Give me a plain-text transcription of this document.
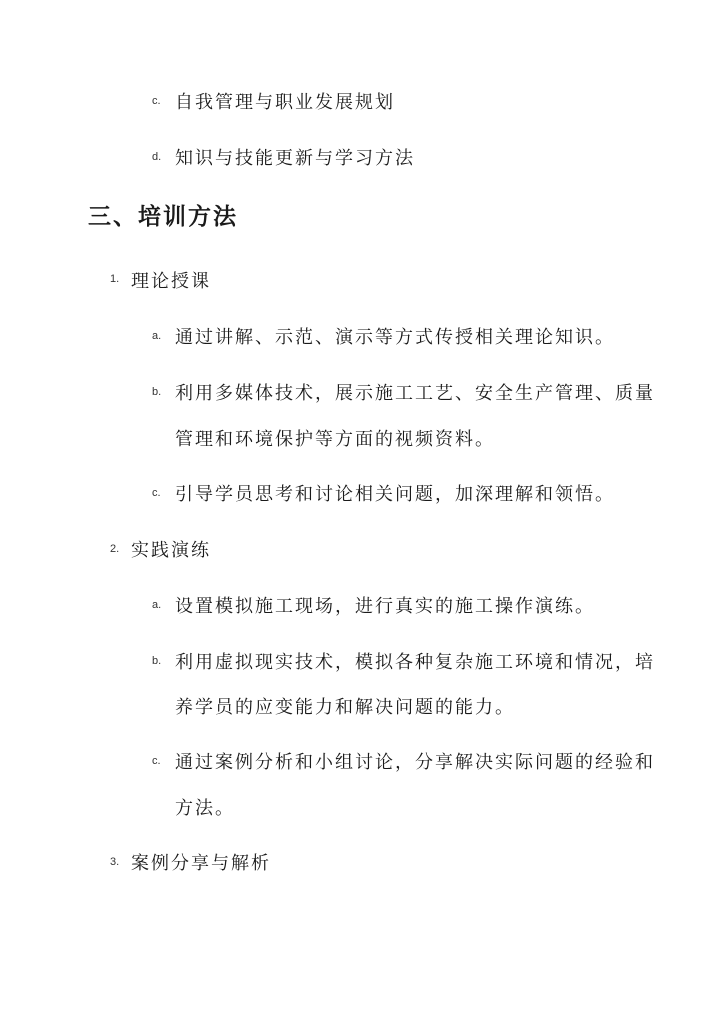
c. 自我管理与职业发展规划
d. 知识与技能更新与学习方法
三、培训方法
1. 理论授课
a. 通过讲解、示范、演示等方式传授相关理论知识。
b. 利用多媒体技术，展示施工工艺、安全生产管理、质量
管理和环境保护等方面的视频资料。
c. 引导学员思考和讨论相关问题，加深理解和领悟。
2. 实践演练
a. 设置模拟施工现场，进行真实的施工操作演练。
b. 利用虚拟现实技术，模拟各种复杂施工环境和情况，培
养学员的应变能力和解决问题的能力。
c. 通过案例分析和小组讨论，分享解决实际问题的经验和
方法。
3. 案例分享与解析
